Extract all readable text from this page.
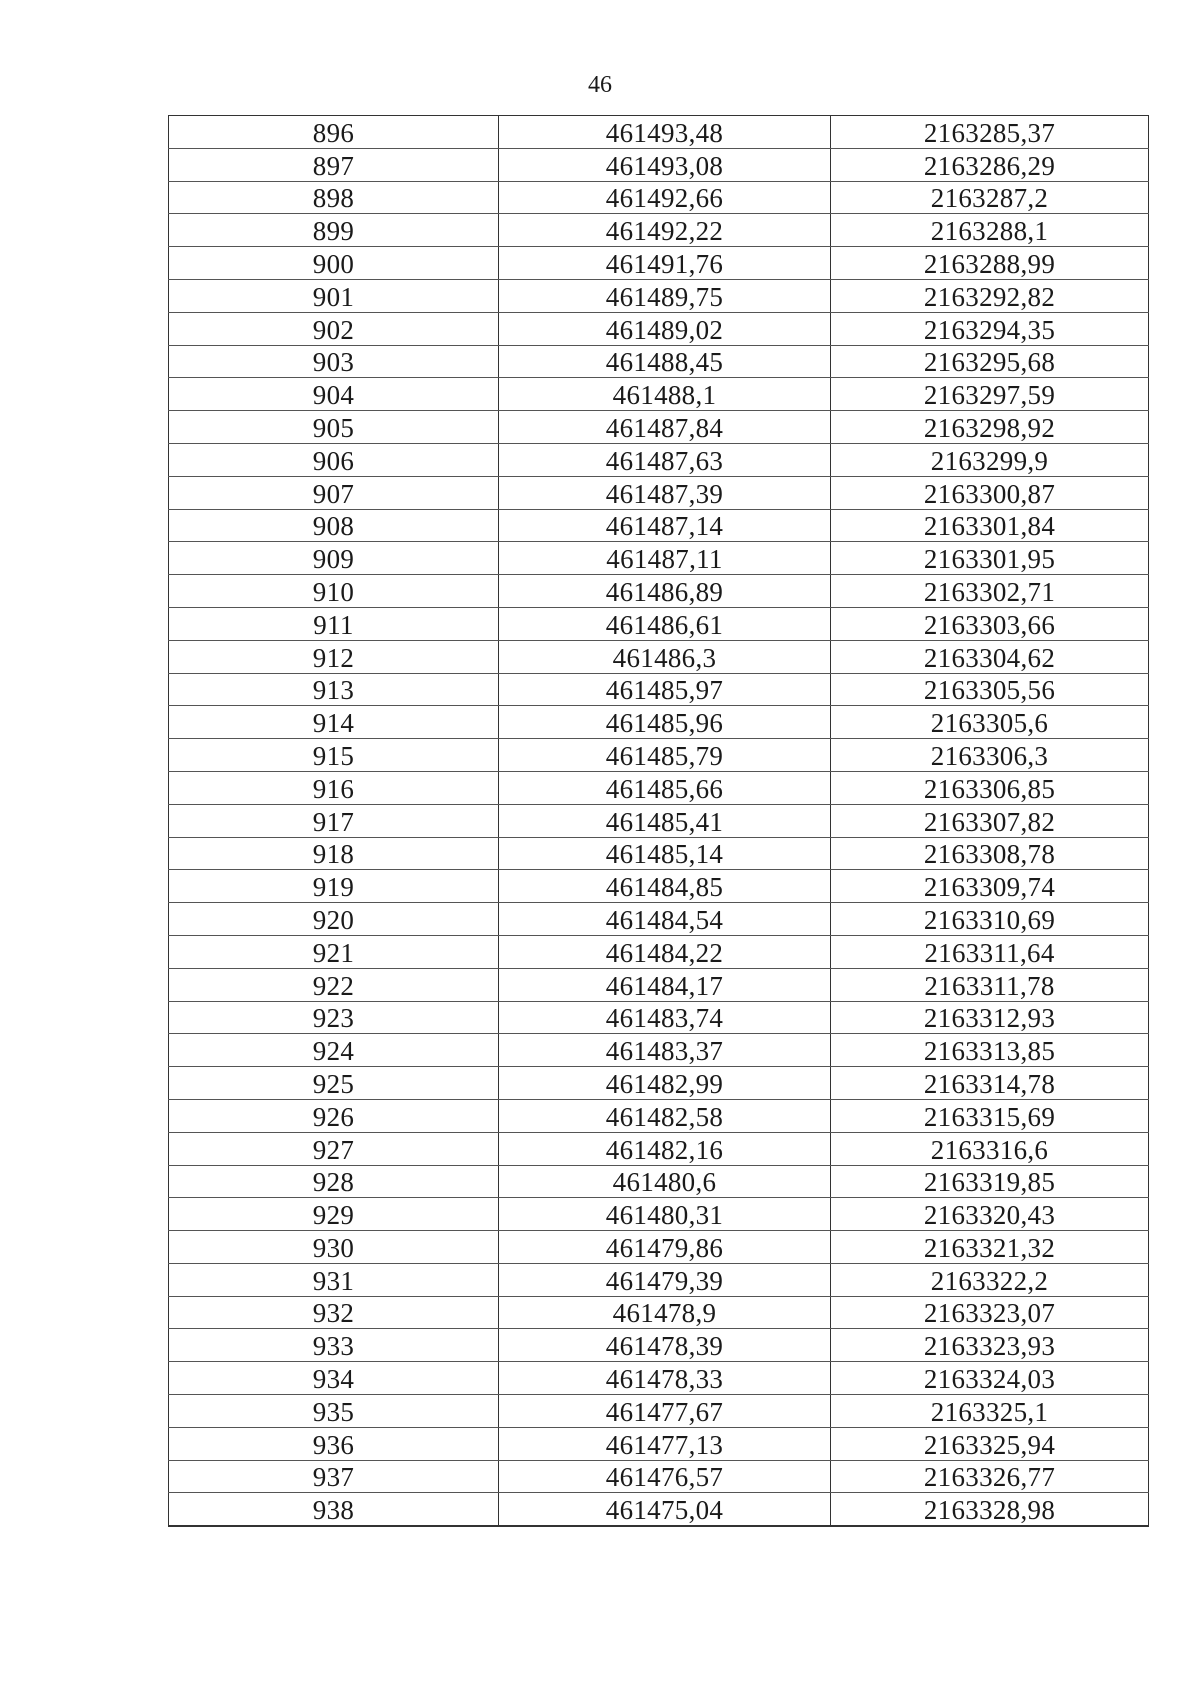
46
896	461493,48	2163285,37
897	461493,08	2163286,29
898	461492,66	2163287,2
899	461492,22	2163288,1
900	461491,76	2163288,99
901	461489,75	2163292,82
902	461489,02	2163294,35
903	461488,45	2163295,68
904	461488,1	2163297,59
905	461487,84	2163298,92
906	461487,63	2163299,9
907	461487,39	2163300,87
908	461487,14	2163301,84
909	461487,11	2163301,95
910	461486,89	2163302,71
911	461486,61	2163303,66
912	461486,3	2163304,62
913	461485,97	2163305,56
914	461485,96	2163305,6
915	461485,79	2163306,3
916	461485,66	2163306,85
917	461485,41	2163307,82
918	461485,14	2163308,78
919	461484,85	2163309,74
920	461484,54	2163310,69
921	461484,22	2163311,64
922	461484,17	2163311,78
923	461483,74	2163312,93
924	461483,37	2163313,85
925	461482,99	2163314,78
926	461482,58	2163315,69
927	461482,16	2163316,6
928	461480,6	2163319,85
929	461480,31	2163320,43
930	461479,86	2163321,32
931	461479,39	2163322,2
932	461478,9	2163323,07
933	461478,39	2163323,93
934	461478,33	2163324,03
935	461477,67	2163325,1
936	461477,13	2163325,94
937	461476,57	2163326,77
938	461475,04	2163328,98
